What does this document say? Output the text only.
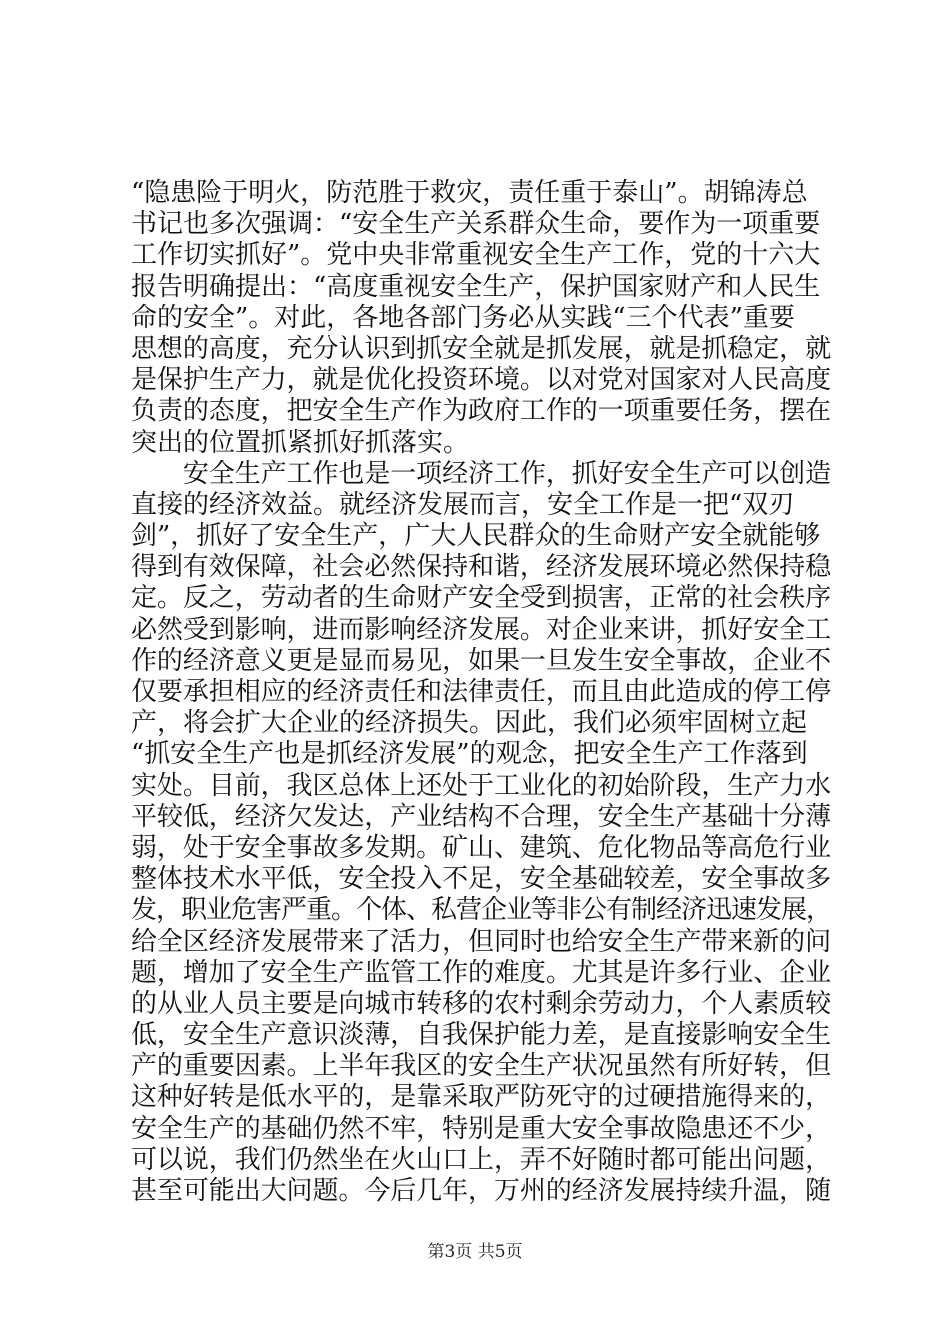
“隐患险于明火，防范胜于救灾，责任重于泰山”。胡锦涛总
书记也多次强调：“安全生产关系群众生命，要作为一项重要
工作切实抓好”。党中央非常重视安全生产工作，党的十六大
报告明确提出：“高度重视安全生产，保护国家财产和人民生
命的安全”。对此，各地各部门务必从实践“三个代表”重要
思想的高度，充分认识到抓安全就是抓发展，就是抓稳定，就
是保护生产力，就是优化投资环境。以对党对国家对人民高度
负责的态度，把安全生产作为政府工作的一项重要任务，摆在
突出的位置抓紧抓好抓落实。
　　安全生产工作也是一项经济工作，抓好安全生产可以创造
直接的经济效益。就经济发展而言，安全工作是一把“双刃
剑”，抓好了安全生产，广大人民群众的生命财产安全就能够
得到有效保障，社会必然保持和谐，经济发展环境必然保持稳
定。反之，劳动者的生命财产安全受到损害，正常的社会秩序
必然受到影响，进而影响经济发展。对企业来讲，抓好安全工
作的经济意义更是显而易见，如果一旦发生安全事故，企业不
仅要承担相应的经济责任和法律责任，而且由此造成的停工停
产，将会扩大企业的经济损失。因此，我们必须牢固树立起
“抓安全生产也是抓经济发展”的观念，把安全生产工作落到
实处。目前，我区总体上还处于工业化的初始阶段，生产力水
平较低，经济欠发达，产业结构不合理，安全生产基础十分薄
弱，处于安全事故多发期。矿山、建筑、危化物品等高危行业
整体技术水平低，安全投入不足，安全基础较差，安全事故多
发，职业危害严重。个体、私营企业等非公有制经济迅速发展，
给全区经济发展带来了活力，但同时也给安全生产带来新的问
题，增加了安全生产监管工作的难度。尤其是许多行业、企业
的从业人员主要是向城市转移的农村剩余劳动力，个人素质较
低，安全生产意识淡薄，自我保护能力差，是直接影响安全生
产的重要因素。上半年我区的安全生产状况虽然有所好转，但
这种好转是低水平的，是靠采取严防死守的过硬措施得来的，
安全生产的基础仍然不牢，特别是重大安全事故隐患还不少，
可以说，我们仍然坐在火山口上，弄不好随时都可能出问题，
甚至可能出大问题。今后几年，万州的经济发展持续升温，随
第3页 共5页
